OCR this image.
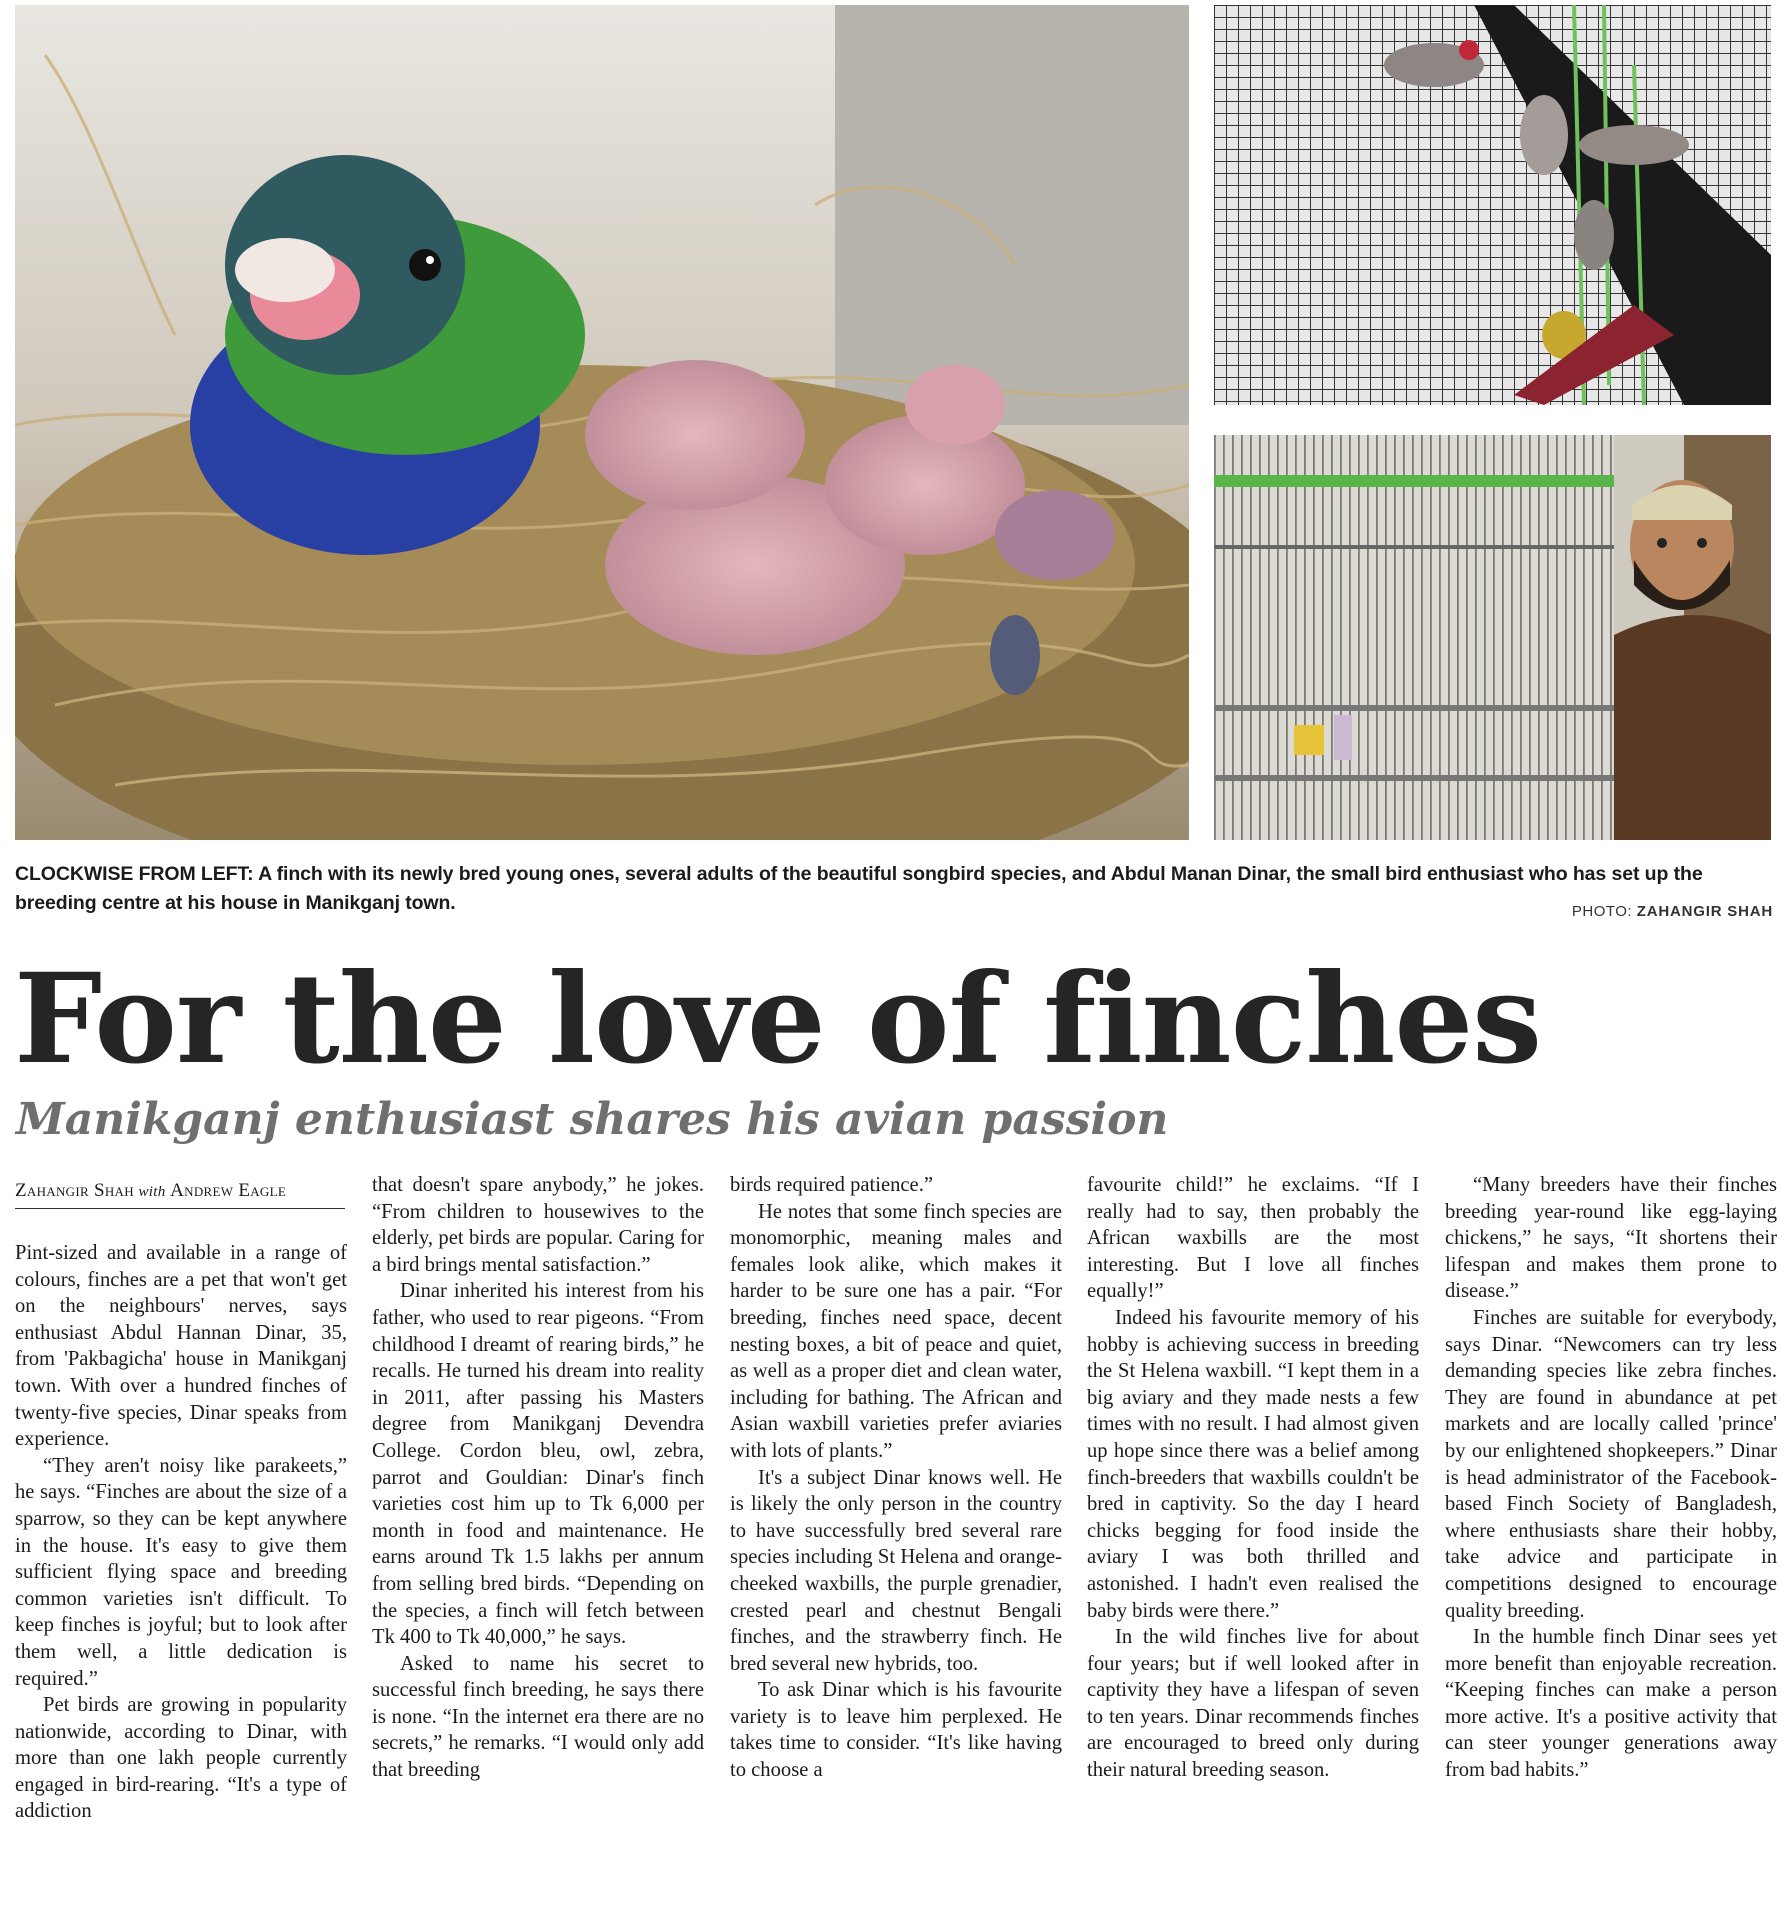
CLOCKWISE FROM LEFT: A finch with its newly bred young ones, several adults of the beautiful songbird species, and Abdul Manan Dinar, the small bird enthusiast who has set up the breeding centre at his house in Manikganj town.	PHOTO: ZAHANGIR SHAH
For the love of finches
Manikganj enthusiast shares his avian passion
Zahangir Shah with Andrew Eagle

Pint-sized and available in a range of colours, finches are a pet that won't get on the neighbours' nerves, says enthusiast Abdul Hannan Dinar, 35, from 'Pakbagicha' house in Manikganj town. With over a hundred finches of twenty-five species, Dinar speaks from experience.

“They aren't noisy like parakeets,” he says. “Finches are about the size of a sparrow, so they can be kept anywhere in the house. It's easy to give them sufficient flying space and breeding common varieties isn't difficult. To keep finches is joyful; but to look after them well, a little dedication is required.”

Pet birds are growing in popularity nationwide, according to Dinar, with more than one lakh people currently engaged in bird-rearing. “It's a type of addiction

that doesn't spare anybody,” he jokes. “From children to housewives to the elderly, pet birds are popular. Caring for a bird brings mental satisfaction.”

Dinar inherited his interest from his father, who used to rear pigeons. “From childhood I dreamt of rearing birds,” he recalls. He turned his dream into reality in 2011, after passing his Masters degree from Manikganj Devendra College. Cordon bleu, owl, zebra, parrot and Gouldian: Dinar's finch varieties cost him up to Tk 6,000 per month in food and maintenance. He earns around Tk 1.5 lakhs per annum from selling bred birds. “Depending on the species, a finch will fetch between Tk 400 to Tk 40,000,” he says.

Asked to name his secret to successful finch breeding, he says there is none. “In the internet era there are no secrets,” he remarks. “I would only add that breeding

birds required patience.”

He notes that some finch species are monomorphic, meaning males and females look alike, which makes it harder to be sure one has a pair. “For breeding, finches need space, decent nesting boxes, a bit of peace and quiet, as well as a proper diet and clean water, including for bathing. The African and Asian waxbill varieties prefer aviaries with lots of plants.”

It's a subject Dinar knows well. He is likely the only person in the country to have successfully bred several rare species including St Helena and orange-cheeked waxbills, the purple grenadier, crested pearl and chestnut Bengali finches, and the strawberry finch. He bred several new hybrids, too.

To ask Dinar which is his favourite variety is to leave him perplexed. He takes time to consider. “It's like having to choose a

favourite child!” he exclaims. “If I really had to say, then probably the African waxbills are the most interesting. But I love all finches equally!”

Indeed his favourite memory of his hobby is achieving success in breeding the St Helena waxbill. “I kept them in a big aviary and they made nests a few times with no result. I had almost given up hope since there was a belief among finch-breeders that waxbills couldn't be bred in captivity. So the day I heard chicks begging for food inside the aviary I was both thrilled and astonished. I hadn't even realised the baby birds were there.”

In the wild finches live for about four years; but if well looked after in captivity they have a lifespan of seven to ten years. Dinar recommends finches are encouraged to breed only during their natural breeding season.

“Many breeders have their finches breeding year-round like egg-laying chickens,” he says, “It shortens their lifespan and makes them prone to disease.”

Finches are suitable for everybody, says Dinar. “Newcomers can try less demanding species like zebra finches. They are found in abundance at pet markets and are locally called 'prince' by our enlightened shopkeepers.” Dinar is head administrator of the Facebook-based Finch Society of Bangladesh, where enthusiasts share their hobby, take advice and participate in competitions designed to encourage quality breeding.

In the humble finch Dinar sees yet more benefit than enjoyable recreation. “Keeping finches can make a person more active. It's a positive activity that can steer younger generations away from bad habits.”
